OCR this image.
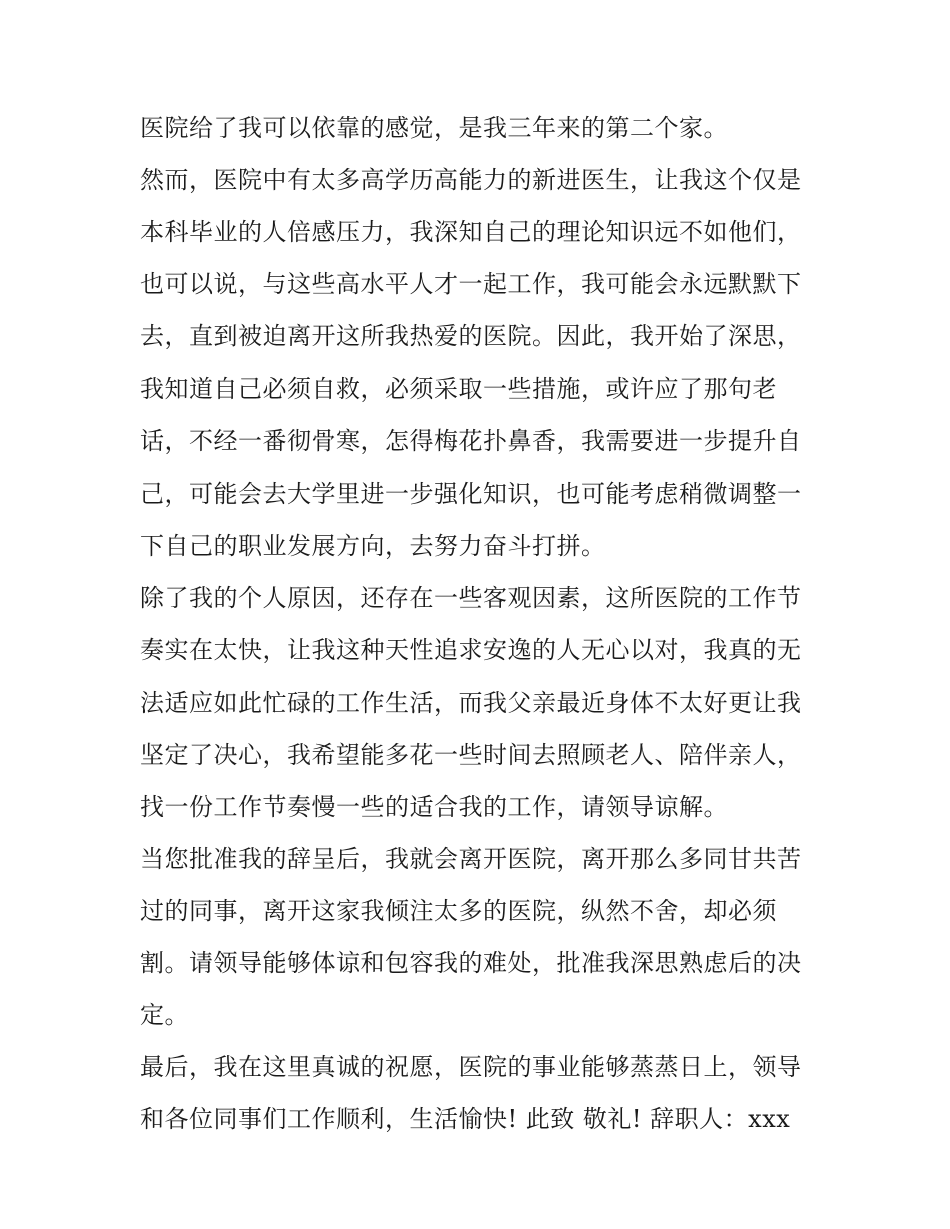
医院给了我可以依靠的感觉，是我三年来的第二个家。
然而，医院中有太多高学历高能力的新进医生，让我这个仅是
本科毕业的人倍感压力，我深知自己的理论知识远不如他们，
也可以说，与这些高水平人才一起工作，我可能会永远默默下
去，直到被迫离开这所我热爱的医院。因此，我开始了深思，
我知道自己必须自救，必须采取一些措施，或许应了那句老
话，不经一番彻骨寒，怎得梅花扑鼻香，我需要进一步提升自
己，可能会去大学里进一步强化知识，也可能考虑稍微调整一
下自己的职业发展方向，去努力奋斗打拼。
除了我的个人原因，还存在一些客观因素，这所医院的工作节
奏实在太快，让我这种天性追求安逸的人无心以对，我真的无
法适应如此忙碌的工作生活，而我父亲最近身体不太好更让我
坚定了决心，我希望能多花一些时间去照顾老人、陪伴亲人，
找一份工作节奏慢一些的适合我的工作，请领导谅解。
当您批准我的辞呈后，我就会离开医院，离开那么多同甘共苦
过的同事，离开这家我倾注太多的医院，纵然不舍，却必须
割。请领导能够体谅和包容我的难处，批准我深思熟虑后的决
定。
最后，我在这里真诚的祝愿，医院的事业能够蒸蒸日上，领导
和各位同事们工作顺利，生活愉快! 此致 敬礼! 辞职人：xxx
